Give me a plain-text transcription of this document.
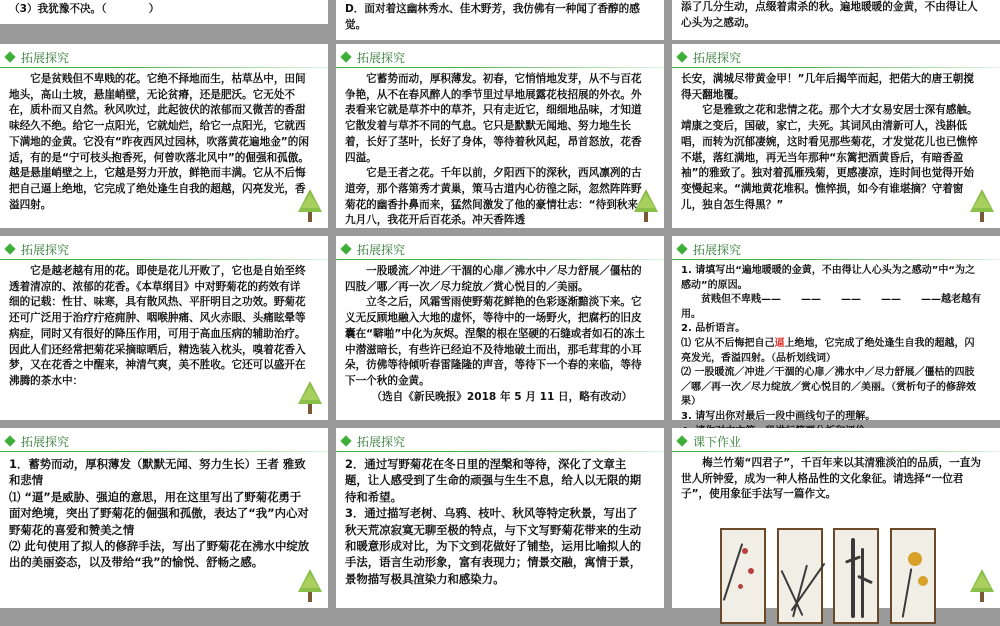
（3）我犹豫不决。（　　　　）	D．面对着这幽林秀水、佳木野芳，我仿佛有一种闻了香醇的感觉。
添了几分生动，点缀着肃杀的秋。遍地暖暖的金黄，不由得让人心头为之感动。
拓展探究
　　它是贫贱但不卑贱的花。它绝不择地而生，枯草丛中，田间地头，高山土坡，悬崖峭壁，无论贫瘠，还是肥沃。它无处不在，质朴而又自然。秋风吹过，此起彼伏的浓郁而又微苦的香甜味经久不绝。给它一点阳光，它就灿烂，给它一点阳光，它就西下满地的金黄。它没有“昨夜西风过园林，吹落黄花遍地金”的闲适，有的是“宁可枝头抱香死，何曾吹落北风中”的倔强和孤傲。越是悬崖峭壁之上，它越是努力开放，鲜艳而丰满。它从不后悔把自己逼上绝地，它完成了绝处逢生自我的超越，闪亮发光，香溢四射。
拓展探究
　　它蓄势而动，厚积薄发。初春，它悄悄地发芽，从不与百花争艳，从不在春风醉人的季节里过早地展露花枝招展的外衣。外表看来它就是草芥中的草芥，只有走近它，细细地品味，才知道它散发着与草芥不同的气息。它只是默默无闻地、努力地生长着，长好了茎叶，长好了身体，等待着秋风起，昂首怒放，花香四溢。
　　它是王者之花。千年以前，夕阳西下的深秋，西风凛冽的古道旁，那个落第秀才黄巢，策马古道内心彷徨之际，忽然阵阵野菊花的幽香扑鼻而来，猛然间激发了他的豪情壮志：“待到秋来九月八，我花开后百花杀。冲天香阵透
拓展探究
长安，满城尽带黄金甲！”几年后揭竿而起，把偌大的唐王朝搅得天翻地覆。
　　它是雅致之花和悲情之花。那个大才女易安居士深有感触。靖康之变后，国破，家亡，夫死。其词风由清新可人，浅斟低唱，而转为沉郁凄婉，这时看见那些菊花，才发觉花儿也已憔悴不堪，落红满地，再无当年那种“东篱把酒黄昏后，有暗香盈袖”的雅致了。独对着孤雁残菊，更感凄凉，连时间也觉得开始变慢起来。“满地黄花堆积。憔悴损，如今有谁堪摘？守着窗儿，独自怎生得黑？”
拓展探究
　　它是越老越有用的花。即使是花儿开败了，它也是自始至终透着清凉的、浓郁的花香。《本草纲目》中对野菊花的药效有详细的记载：性甘、味寒，具有散风热、平肝明目之功效。野菊花还可广泛用于治疗疔疮痈肿、咽喉肿痛、风火赤眼、头痛眩晕等病症，同时又有很好的降压作用，可用于高血压病的辅助治疗。因此人们还经常把菊花采摘晾晒后，精选装入枕头，嗅着花香入梦，又在花香之中醒来，神清气爽，美不胜收。它还可以盛开在沸腾的茶水中：
拓展探究
　　一股暖流／冲进／干涸的心扉／沸水中／尽力舒展／僵枯的四肢／哪／再一次／尽力绽放／赏心悦目的／美丽。
　　立冬之后，风霜雪雨使野菊花鲜艳的色彩逐渐黯淡下来。它义无反顾地融入大地的虚怀，等待中的一场野火，把腐朽的旧皮囊在“噼啪”中化为灰烬。涅槃的根在坚硬的石缝或者如石的冻土中潜滋暗长，有些许已经迫不及待地破土而出，那毛茸茸的小耳朵，彷佛等待倾听春雷隆隆的声音，等待下一个春的来临，等待下一个秋的金黄。
　　　（选自《新民晚报》2018 年 5 月 11 日，略有改动）
拓展探究
1. 请填写出“遍地暖暖的金黄，不由得让人心头为之感动”中“为之感动”的原因。
　　贫贱但不卑贱——　　——　　——　　——　　——越老越有用。
2. 品析语言。
⑴ 它从不后悔把自己逼上绝地，它完成了绝处逢生自我的超越，闪亮发光，香溢四射。（品析划线词）
⑵ 一股暖流／冲进／干涸的心扉／沸水中／尽力舒展／僵枯的四肢／哪／再一次／尽力绽放／赏心悦目的／美丽。（赏析句子的修辞效果）
3. 请写出你对最后一段中画线句子的理解。

拓展探究
1．蓄势而动，厚积薄发（默默无闻、努力生长）王者 雅致和悲情
⑴ “逼”是威胁、强迫的意思，用在这里写出了野菊花勇于面对绝境，突出了野菊花的倔强和孤傲，表达了“我”内心对野菊花的喜爱和赞美之情
⑵ 此句使用了拟人的修辞手法，写出了野菊花在沸水中绽放出的美丽姿态，以及带给“我”的愉悦、舒畅之感。
拓展探究
2．通过写野菊花在冬日里的涅槃和等待，深化了文章主题，让人感受到了生命的顽强与生生不息，给人以无限的期待和希望。
3．通过描写老树、乌鸦、枝叶、秋风等特定秋景，写出了秋天荒凉寂寞无聊至极的特点，与下文写野菊花带来的生动和暖意形成对比，为下文到花做好了铺垫，运用比喻拟人的手法，语言生动形象，富有表现力；情景交融，寓情于景，景物描写极具渲染力和感染力。
课下作业
　　梅兰竹菊“四君子”，千百年来以其清雅淡泊的品质，一直为世人所钟爱，成为一种人格品性的文化象征。请选择“一位君子”，使用象征手法写一篇作文。
